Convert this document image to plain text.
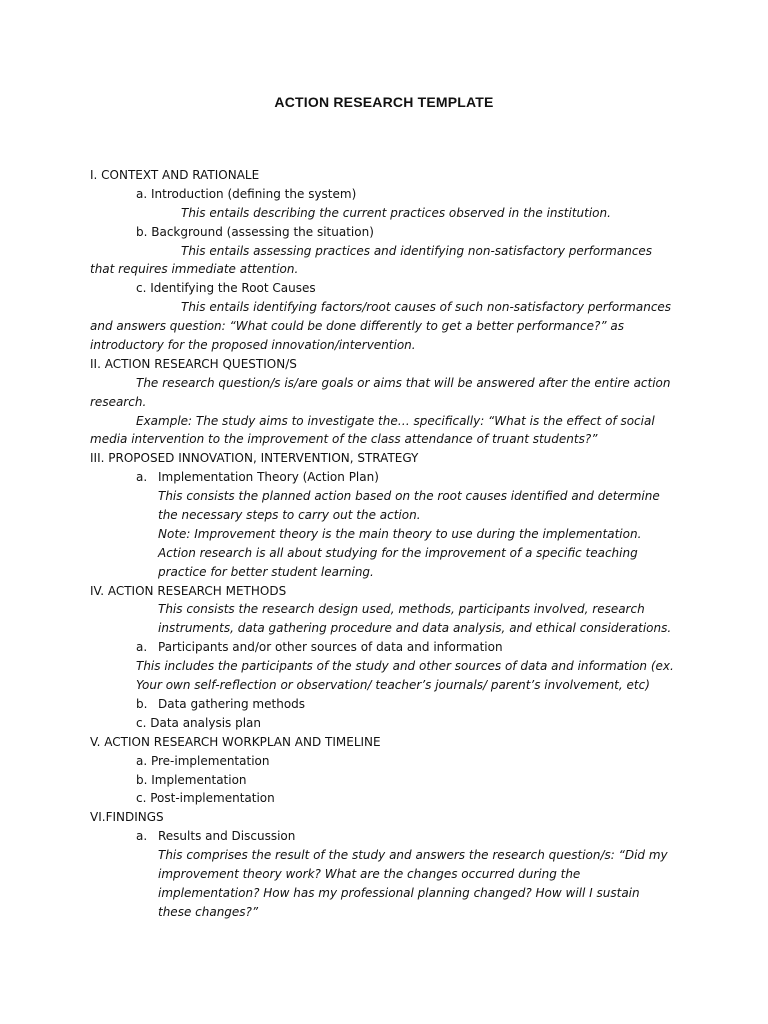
ACTION RESEARCH TEMPLATE
I. CONTEXT AND RATIONALE
a. Introduction (defining the system)
This entails describing the current practices observed in the institution.
b. Background (assessing the situation)
This entails assessing practices and identifying non-satisfactory performances
that requires immediate attention.
c. Identifying the Root Causes
This entails identifying factors/root causes of such non-satisfactory performances
and answers question: “What could be done differently to get a better performance?” as
introductory for the proposed innovation/intervention.
II. ACTION RESEARCH QUESTION/S
The research question/s is/are goals or aims that will be answered after the entire action
research.
Example: The study aims to investigate the… specifically: “What is the effect of social
media intervention to the improvement of the class attendance of truant students?”
III. PROPOSED INNOVATION, INTERVENTION, STRATEGY
a. Implementation Theory (Action Plan)
This consists the planned action based on the root causes identified and determine
the necessary steps to carry out the action.
Note: Improvement theory is the main theory to use during the implementation.
Action research is all about studying for the improvement of a specific teaching
practice for better student learning.
IV. ACTION RESEARCH METHODS
This consists the research design used, methods, participants involved, research
instruments, data gathering procedure and data analysis, and ethical considerations.
a. Participants and/or other sources of data and information
This includes the participants of the study and other sources of data and information (ex.
Your own self-reflection or observation/ teacher’s journals/ parent’s involvement, etc)
b. Data gathering methods
c. Data analysis plan
V. ACTION RESEARCH WORKPLAN AND TIMELINE
a. Pre-implementation
b. Implementation
c. Post-implementation
VI.FINDINGS
a. Results and Discussion
This comprises the result of the study and answers the research question/s: “Did my
improvement theory work? What are the changes occurred during the
implementation? How has my professional planning changed? How will I sustain
these changes?”
